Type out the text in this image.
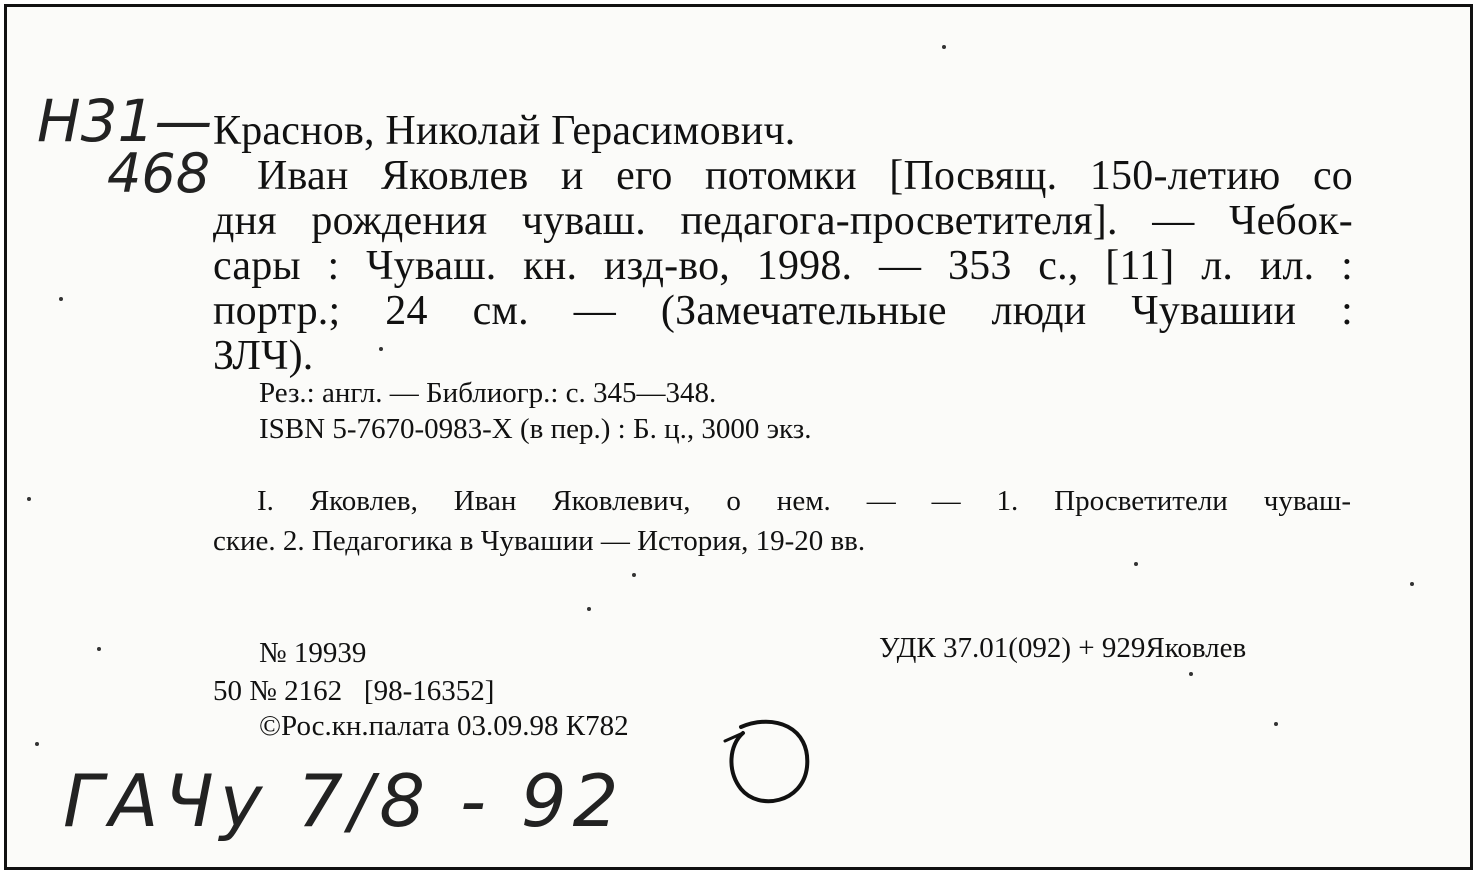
Н31—
468
Краснов, Николай Герасимович.
Иван Яковлев и его потомки [Посвящ. 150-летию со
дня рождения чуваш. педагога-просветителя]. — Чебок-
сары : Чуваш. кн. изд-во, 1998. — 353 с., [11] л. ил. :
портр.; 24 см. — (Замечательные люди Чувашии :
ЗЛЧ).
Рез.: англ. — Библиогр.: с. 345—348.
ISBN 5-7670-0983-X (в пер.) : Б. ц., 3000 экз.
I. Яковлев, Иван Яковлевич, о нем. — — 1. Просветители чуваш-
ские. 2. Педагогика в Чувашии — История, 19-20 вв.
№ 19939	УДК 37.01(092) + 929Яковлев
50 № 2162   [98-16352]
©Рос.кн.палата 03.09.98 К782
ГАЧу 7/8 - 92
